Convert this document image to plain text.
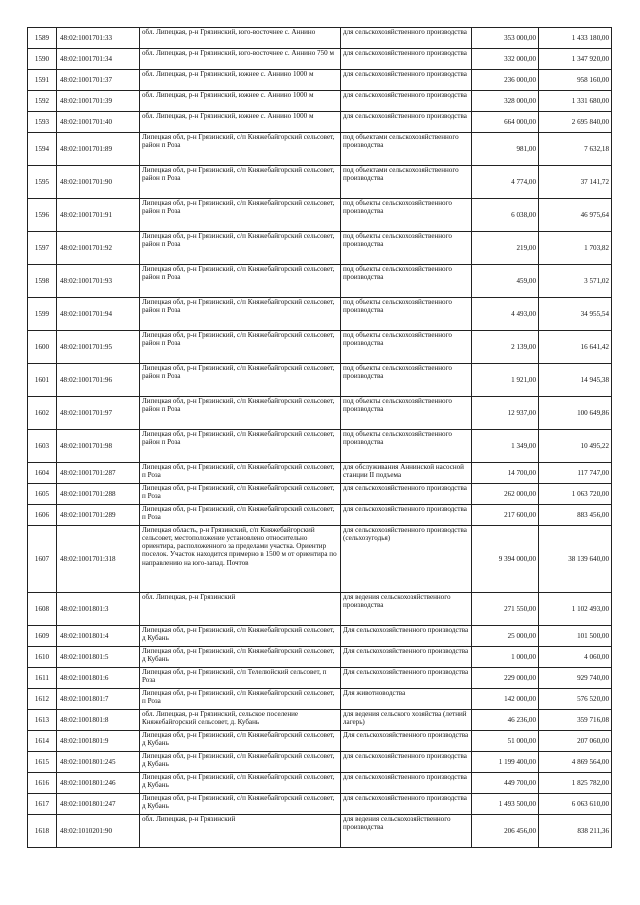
1589	48:02:1001701:33	обл. Липецкая, р-н Грязинский, юго-восточнее с. Аннино	для сельскохозяйственного производства	353 000,00	1 433 180,00
1590	48:02:1001701:34	обл. Липецкая, р-н Грязинский, юго-восточнее с. Аннино 750 м	для сельскохозяйственного производства	332 000,00	1 347 920,00
1591	48:02:1001701:37	обл. Липецкая, р-н Грязинский, южнее с. Аннино 1000 м	для сельскохозяйственного производства	236 000,00	958 160,00
1592	48:02:1001701:39	обл. Липецкая, р-н Грязинский, южнее с. Аннино 1000 м	для сельскохозяйственного производства	328 000,00	1 331 680,00
1593	48:02:1001701:40	обл. Липецкая, р-н Грязинский, южнее с. Аннино 1000 м	для сельскохозяйственного производства	664 000,00	2 695 840,00
1594	48:02:1001701:89	Липецкая обл, р-н Грязинский, с/п Княжебайгорский сельсовет, район п Роза	под объектами сельскохозяйственного производства	981,00	7 632,18
1595	48:02:1001701:90	Липецкая обл, р-н Грязинский, с/п Княжебайгорский сельсовет, район п Роза	под объектами сельскохозяйственного производства	4 774,00	37 141,72
1596	48:02:1001701:91	Липецкая обл, р-н Грязинский, с/п Княжебайгорский сельсовет, район п Роза	под объекты сельскохозяйственного производства	6 038,00	46 975,64
1597	48:02:1001701:92	Липецкая обл, р-н Грязинский, с/п Княжебайгорский сельсовет, район п Роза	под объекты сельскохозяйственного производства	219,00	1 703,82
1598	48:02:1001701:93	Липецкая обл, р-н Грязинский, с/п Княжебайгорский сельсовет, район п Роза	под объекты сельскохозяйственного производства	459,00	3 571,02
1599	48:02:1001701:94	Липецкая обл, р-н Грязинский, с/п Княжебайгорский сельсовет, район п Роза	под объекты сельскохозяйственного производства	4 493,00	34 955,54
1600	48:02:1001701:95	Липецкая обл, р-н Грязинский, с/п Княжебайгорский сельсовет, район п Роза	под объекты сельскохозяйственного производства	2 139,00	16 641,42
1601	48:02:1001701:96	Липецкая обл, р-н Грязинский, с/п Княжебайгорский сельсовет, район п Роза	под объекты сельскохозяйственного производства	1 921,00	14 945,38
1602	48:02:1001701:97	Липецкая обл, р-н Грязинский, с/п Княжебайгорский сельсовет, район п Роза	под объекты сельскохозяйственного производства	12 937,00	100 649,86
1603	48:02:1001701:98	Липецкая обл, р-н Грязинский, с/п Княжебайгорский сельсовет, район п Роза	под объекты сельскохозяйственного производства	1 349,00	10 495,22
1604	48:02:1001701:287	Липецкая обл, р-н Грязинский, с/п Княжебайгорский сельсовет, п Роза	для обслуживания Аннинской насосной станции II подъема	14 700,00	117 747,00
1605	48:02:1001701:288	Липецкая обл, р-н Грязинский, с/п Княжебайгорский сельсовет, п Роза	для сельскохозяйственного производства	262 000,00	1 063 720,00
1606	48:02:1001701:289	Липецкая обл, р-н Грязинский, с/п Княжебайгорский сельсовет, п Роза	для сельскохозяйственного производства	217 600,00	883 456,00
1607	48:02:1001701:318	Липецкая область, р-н Грязинский, с/п Княжебайгорский сельсовет, местоположение установлено относительно ориентира, расположенного за пределами участка. Ориентир поселок. Участок находится примерно в 1500 м от ориентира по направлению на юго-запад. Почтов	для сельскохозяйственного производства (сельхозугодья)	9 394 000,00	38 139 640,00
1608	48:02:1001801:3	обл. Липецкая, р-н Грязинский	для ведения сельскохозяйственного производства	271 550,00	1 102 493,00
1609	48:02:1001801:4	Липецкая обл, р-н Грязинский, с/п Княжебайгорский сельсовет, д Кубань	Для сельскохозяйственного производства	25 000,00	101 500,00
1610	48:02:1001801:5	Липецкая обл, р-н Грязинский, с/п Княжебайгорский сельсовет, д Кубань	Для сельскохозяйственного производства	1 000,00	4 060,00
1611	48:02:1001801:6	Липецкая обл, р-н Грязинский, с/п Телелюйский сельсовет, п Роза	Для сельскохозяйственного производства	229 000,00	929 740,00
1612	48:02:1001801:7	Липецкая обл, р-н Грязинский, с/п Княжебайгорский сельсовет, п Роза	Для животноводства	142 000,00	576 520,00
1613	48:02:1001801:8	обл. Липецкая, р-н Грязинский, сельское поселение Княжебайгорский сельсовет, д. Кубань	для ведения сельского хозяйства (летний лагерь)	46 236,00	359 716,08
1614	48:02:1001801:9	Липецкая обл, р-н Грязинский, с/п Княжебайгорский сельсовет, д Кубань	Для сельскохозяйственного производства	51 000,00	207 060,00
1615	48:02:1001801:245	Липецкая обл, р-н Грязинский, с/п Княжебайгорский сельсовет, д Кубань	для сельскохозяйственного производства	1 199 400,00	4 869 564,00
1616	48:02:1001801:246	Липецкая обл, р-н Грязинский, с/п Княжебайгорский сельсовет, д Кубань	для сельскохозяйственного производства	449 700,00	1 825 782,00
1617	48:02:1001801:247	Липецкая обл, р-н Грязинский, с/п Княжебайгорский сельсовет, д Кубань	для сельскохозяйственного производства	1 493 500,00	6 063 610,00
1618	48:02:1010201:90	обл. Липецкая, р-н Грязинский	для ведения сельскохозяйственного производства	206 456,00	838 211,36
